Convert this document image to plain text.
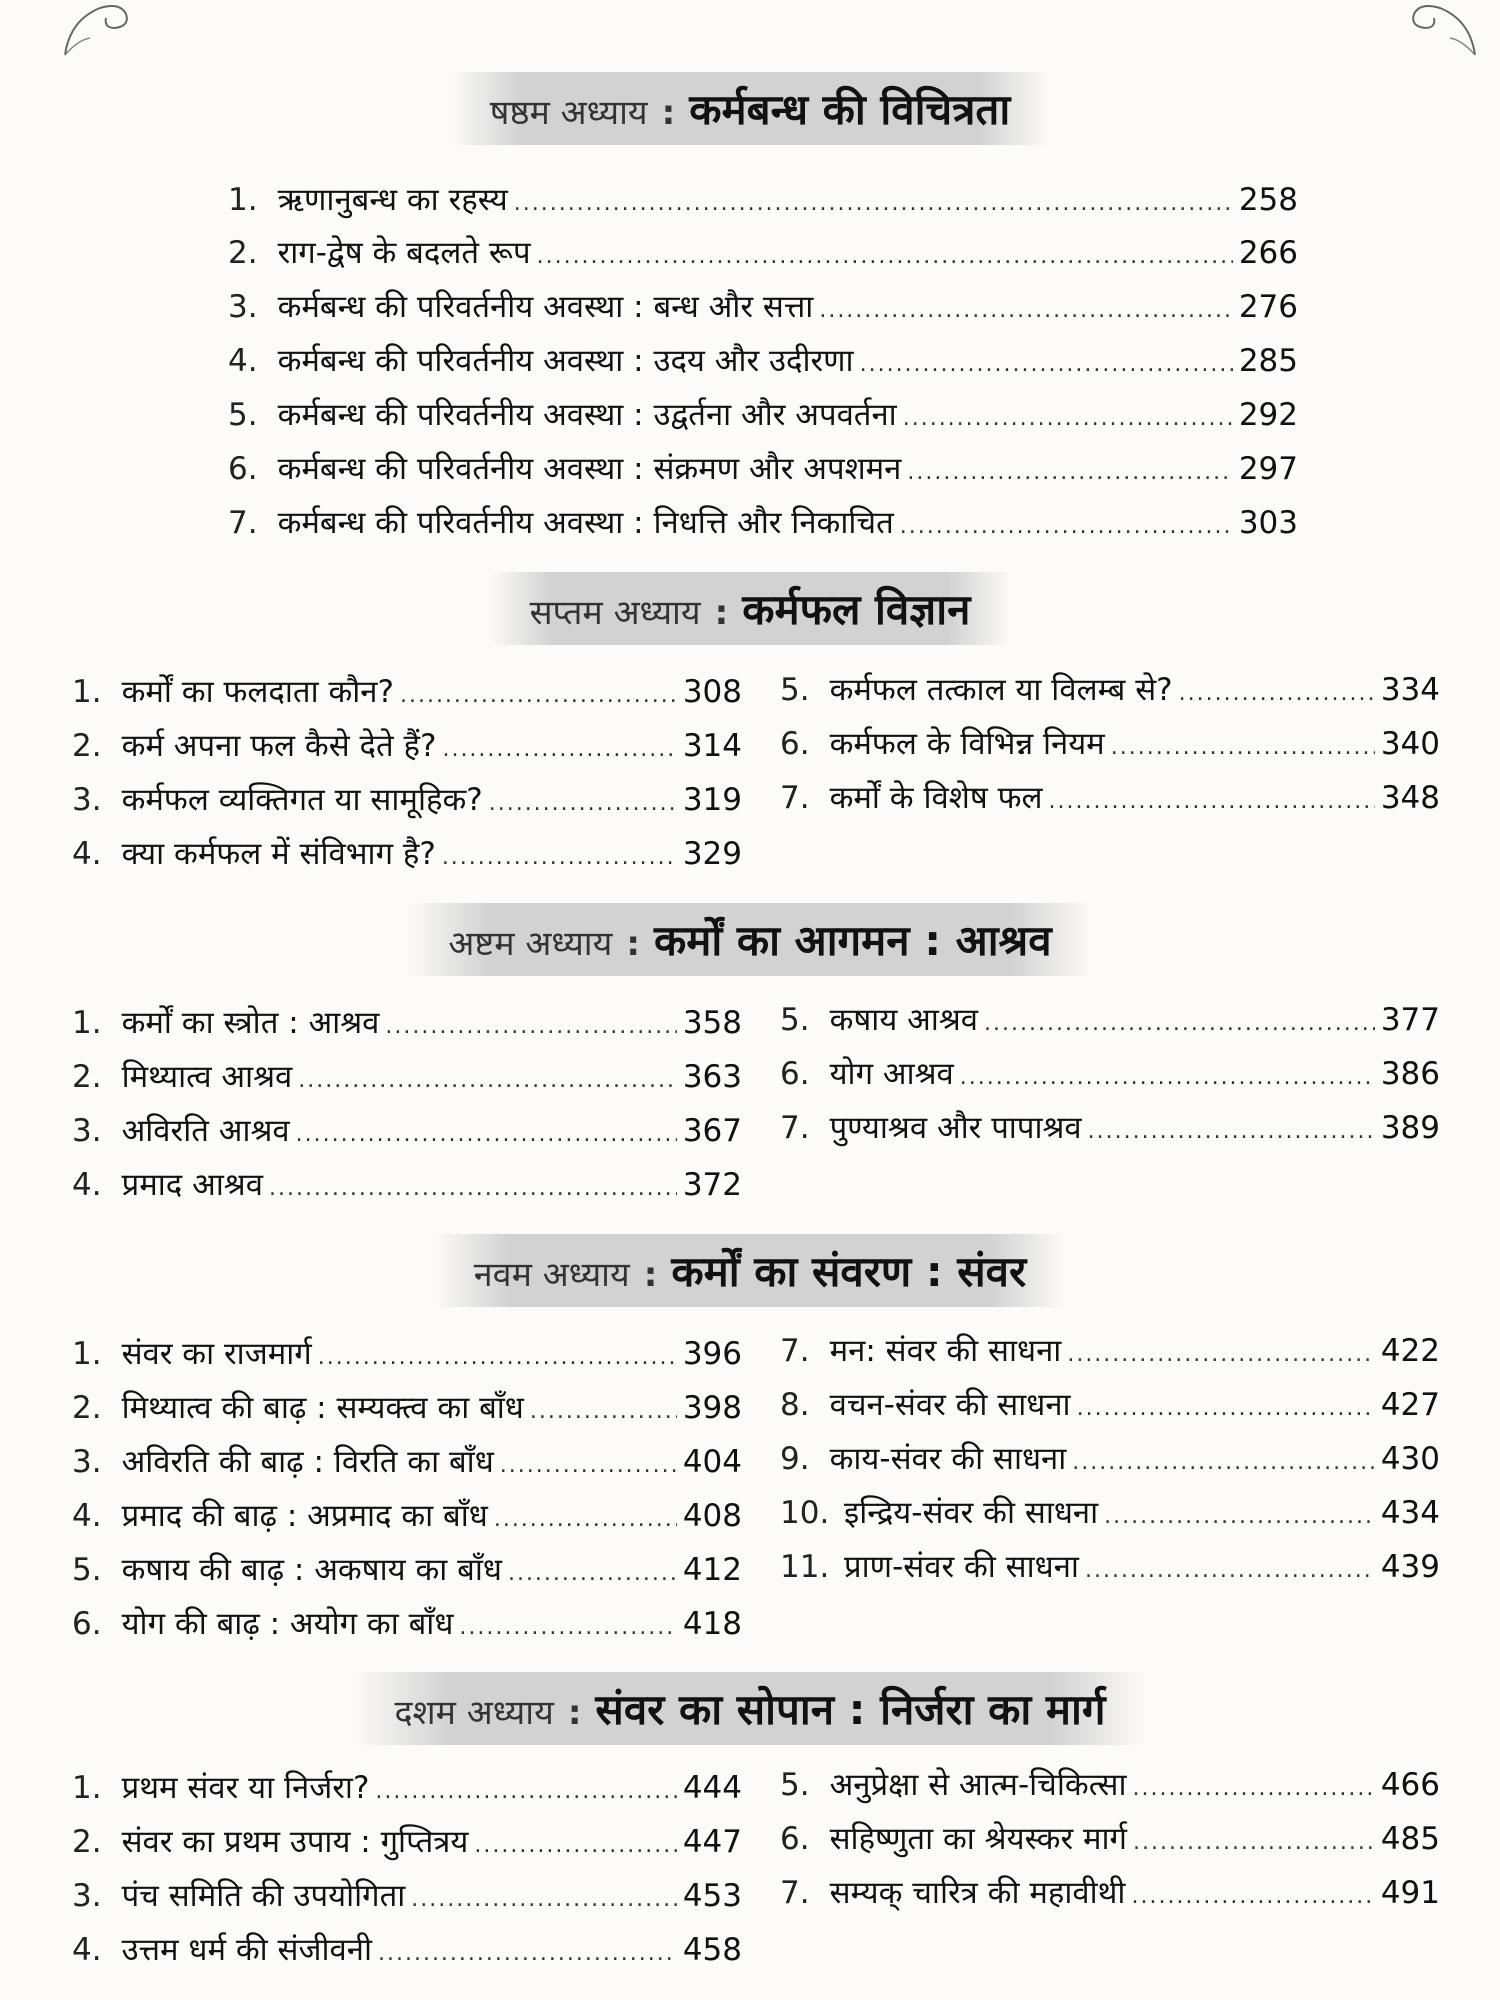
षष्ठम अध्याय : कर्मबन्ध की विचित्रता
1. ऋणानुबन्ध का रहस्य .....	258
2. राग-द्वेष के बदलते रूप .....	266
3. कर्मबन्ध की परिवर्तनीय अवस्था : बन्ध और सत्ता .....	276
4. कर्मबन्ध की परिवर्तनीय अवस्था : उदय और उदीरणा .....	285
5. कर्मबन्ध की परिवर्तनीय अवस्था : उद्वर्तना और अपवर्तना .....	292
6. कर्मबन्ध की परिवर्तनीय अवस्था : संक्रमण और अपशमन .....	297
7. कर्मबन्ध की परिवर्तनीय अवस्था : निधत्ति और निकाचित .....	303
सप्तम अध्याय : कर्मफल विज्ञान
1. कर्मों का फलदाता कौन? .....	308
2. कर्म अपना फल कैसे देते हैं? .....	314
3. कर्मफल व्यक्तिगत या सामूहिक? .....	319
4. क्या कर्मफल में संविभाग है? .....	329
5. कर्मफल तत्काल या विलम्ब से? .....	334
6. कर्मफल के विभिन्न नियम .....	340
7. कर्मों के विशेष फल .....	348
अष्टम अध्याय : कर्मों का आगमन : आश्रव
1. कर्मों का स्त्रोत : आश्रव .....	358
2. मिथ्यात्व आश्रव .....	363
3. अविरति आश्रव .....	367
4. प्रमाद आश्रव .....	372
5. कषाय आश्रव .....	377
6. योग आश्रव .....	386
7. पुण्याश्रव और पापाश्रव .....	389
नवम अध्याय : कर्मों का संवरण : संवर
1. संवर का राजमार्ग .....	396
2. मिथ्यात्व की बाढ़ : सम्यक्त्व का बाँध .....	398
3. अविरति की बाढ़ : विरति का बाँध .....	404
4. प्रमाद की बाढ़ : अप्रमाद का बाँध .....	408
5. कषाय की बाढ़ : अकषाय का बाँध .....	412
6. योग की बाढ़ : अयोग का बाँध .....	418
7. मन: संवर की साधना .....	422
8. वचन-संवर की साधना .....	427
9. काय-संवर की साधना .....	430
10. इन्द्रिय-संवर की साधना .....	434
11. प्राण-संवर की साधना .....	439
दशम अध्याय : संवर का सोपान : निर्जरा का मार्ग
1. प्रथम संवर या निर्जरा? .....	444
2. संवर का प्रथम उपाय : गुप्तित्रय .....	447
3. पंच समिति की उपयोगिता .....	453
4. उत्तम धर्म की संजीवनी .....	458
5. अनुप्रेक्षा से आत्म-चिकित्सा .....	466
6. सहिष्णुता का श्रेयस्कर मार्ग .....	485
7. सम्यक् चारित्र की महावीथी .....	491
